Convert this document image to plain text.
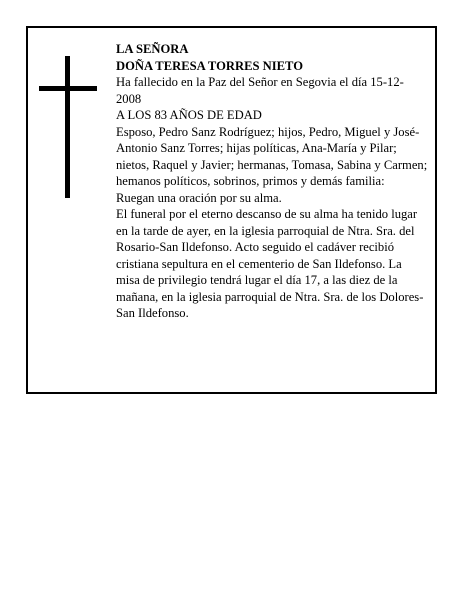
LA SEÑORA

DOÑA TERESA TORRES NIETO

Ha fallecido en la Paz del Señor en Segovia el día 15-12-2008

A LOS 83 AÑOS DE EDAD

Esposo, Pedro Sanz Rodríguez; hijos, Pedro, Miguel y José-Antonio Sanz Torres; hijas políticas, Ana-María y Pilar; nietos, Raquel y Javier; hermanas, Tomasa, Sabina y Carmen; hemanos políticos, sobrinos, primos y demás familia:

Ruegan una oración por su alma.

El funeral por el eterno descanso de su alma ha tenido lugar en la tarde de ayer, en la iglesia parroquial de Ntra. Sra. del Rosario-San Ildefonso. Acto seguido el cadáver recibió cristiana sepultura en el cementerio de San Ildefonso. La misa de privilegio tendrá lugar el día 17, a las diez de la mañana, en la iglesia parroquial de Ntra. Sra. de los Dolores-San Ildefonso.
